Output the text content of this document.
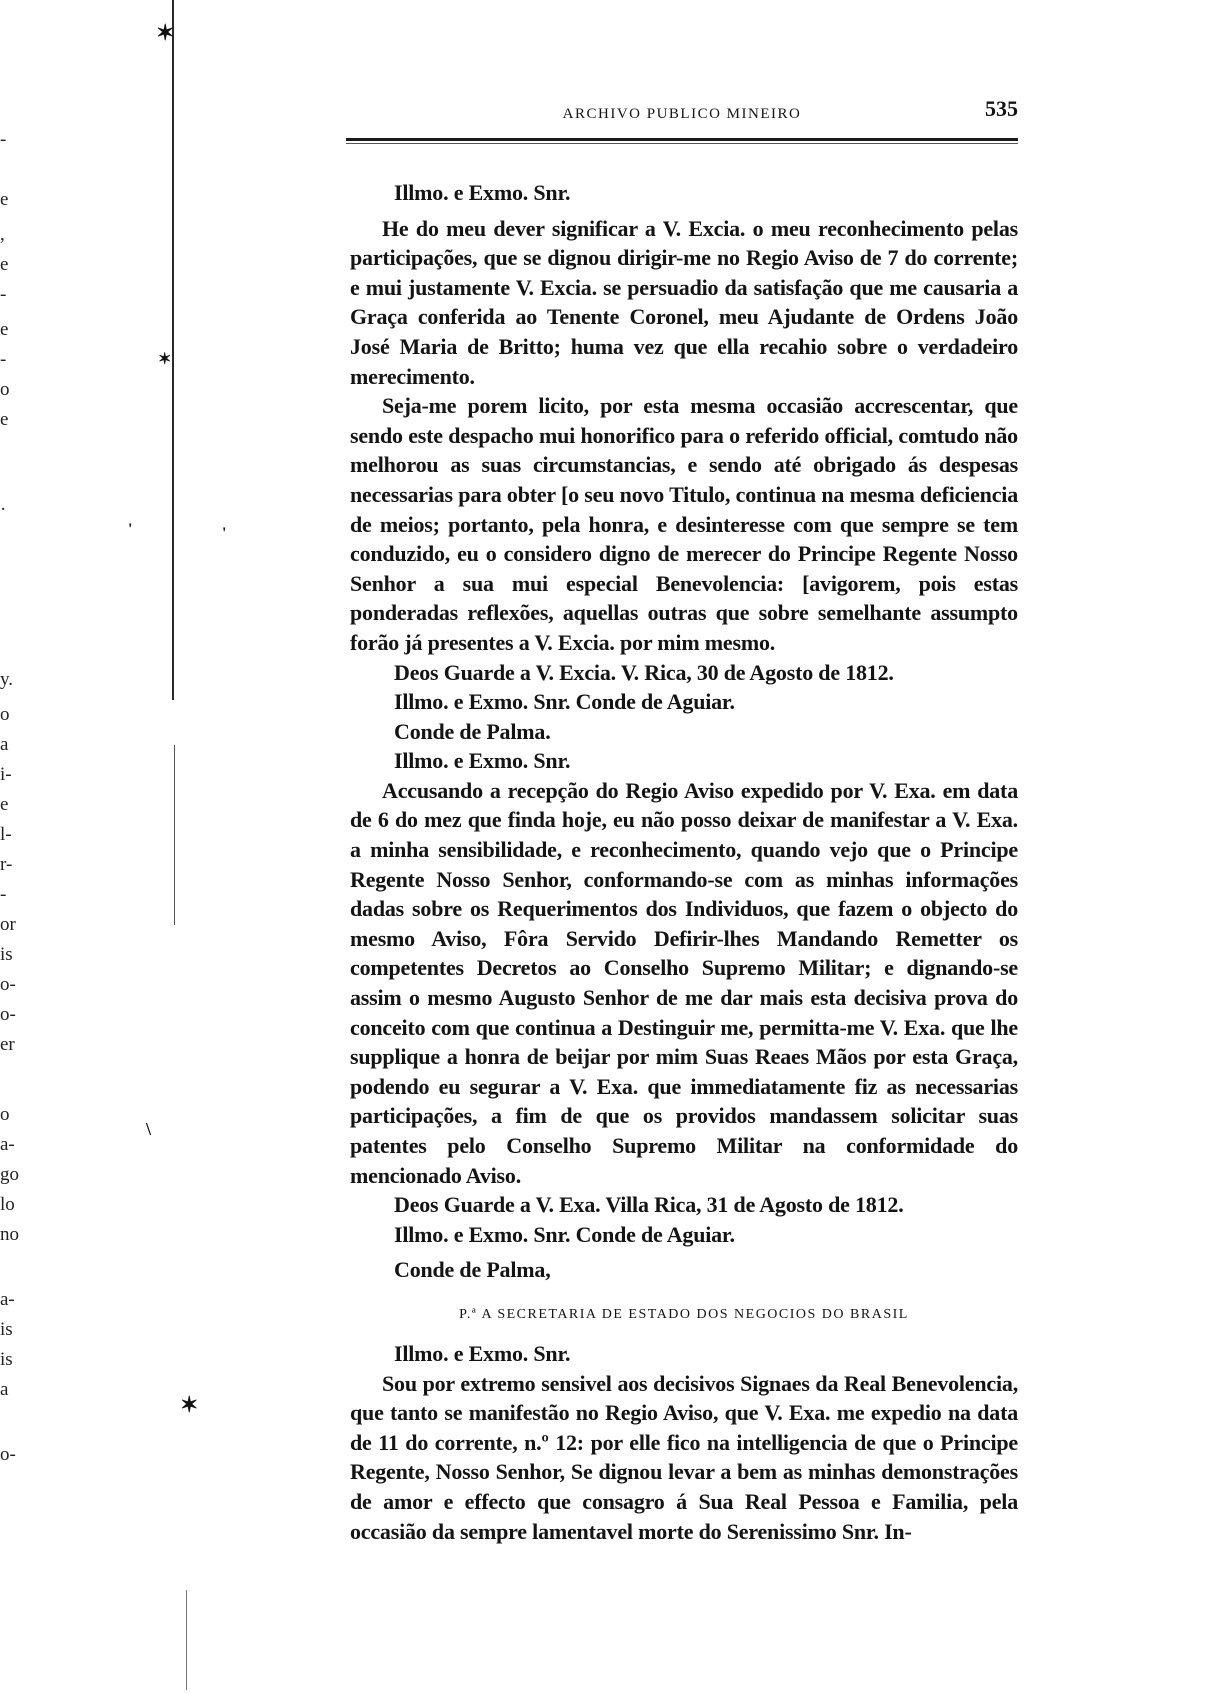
-
e
,
e
-
e
-
o
e
·
y.
o
a
i-
e
l-
r-
-
or
is
o-
o-
er
o
a-
go
lo
no
a-
is
is
a
o-
✶
✶
'	'
\
✶
ARCHIVO PUBLICO MINEIRO	535

Illmo. e Exmo. Snr.

He do meu dever significar a V. Excia. o meu reconhecimento pelas participações, que se dignou dirigir-me no Regio Aviso de 7 do corrente; e mui justamente V. Excia. se persuadio da satisfação que me causaria a Graça conferida ao Tenente Coronel, meu Ajudante de Ordens João José Maria de Britto; huma vez que ella recahio sobre o verdadeiro merecimento.

Seja-me porem licito, por esta mesma occasião accrescentar, que sendo este despacho mui honorifico para o referido official, comtudo não melhorou as suas circumstancias, e sendo até obrigado ás despesas necessarias para obter [o seu novo Titulo, continua na mesma deficiencia de meios; portanto, pela honra, e desinteresse com que sempre se tem conduzido, eu o considero digno de merecer do Principe Regente Nosso Senhor a sua mui especial Benevolencia: [avigorem, pois estas ponderadas reflexões, aquellas outras que sobre semelhante assumpto forão já presentes a V. Excia. por mim mesmo.

Deos Guarde a V. Excia. V. Rica, 30 de Agosto de 1812.

Illmo. e Exmo. Snr. Conde de Aguiar.

Conde de Palma.

Illmo. e Exmo. Snr.

Accusando a recepção do Regio Aviso expedido por V. Exa. em data de 6 do mez que finda hoje, eu não posso deixar de manifestar a V. Exa. a minha sensibilidade, e reconhecimento, quando vejo que o Principe Regente Nosso Senhor, conformando-se com as minhas informações dadas sobre os Requerimentos dos Individuos, que fazem o objecto do mesmo Aviso, Fôra Servido Defirir-lhes Mandando Remetter os competentes Decretos ao Conselho Supremo Militar; e dignando-se assim o mesmo Augusto Senhor de me dar mais esta decisiva prova do conceito com que continua a Destinguir me, permitta-me V. Exa. que lhe supplique a honra de beijar por mim Suas Reaes Mãos por esta Graça, podendo eu segurar a V. Exa. que immediatamente fiz as necessarias participações, a fim de que os providos mandassem solicitar suas patentes pelo Conselho Supremo Militar na conformidade do mencionado Aviso.

Deos Guarde a V. Exa. Villa Rica, 31 de Agosto de 1812.

Illmo. e Exmo. Snr. Conde de Aguiar.

Conde de Palma,

P.ª A SECRETARIA DE ESTADO DOS NEGOCIOS DO BRASIL

Illmo. e Exmo. Snr.

Sou por extremo sensivel aos decisivos Signaes da Real Benevolencia, que tanto se manifestão no Regio Aviso, que V. Exa. me expedio na data de 11 do corrente, n.º 12: por elle fico na intelligencia de que o Principe Regente, Nosso Senhor, Se dignou levar a bem as minhas demonstrações de amor e effecto que consagro á Sua Real Pessoa e Familia, pela occasião da sempre lamentavel morte do Serenissimo Snr. In-
